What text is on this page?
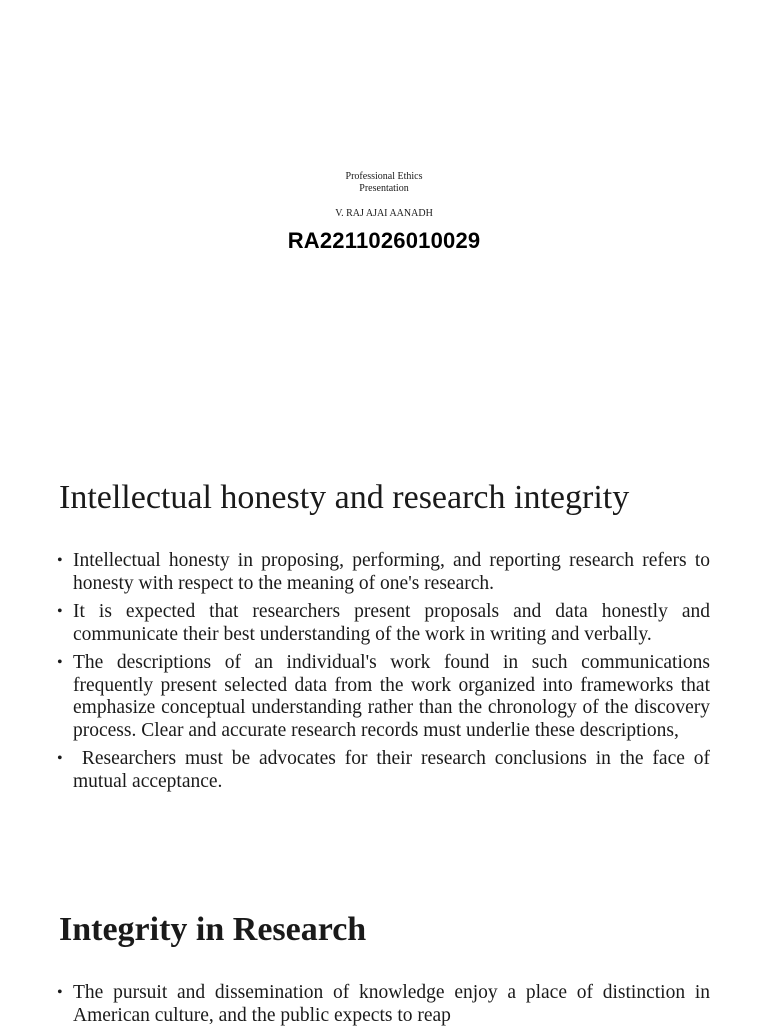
Professional Ethics

Presentation

V. RAJ AJAI AANADH
RA2211026010029
Intellectual honesty and research integrity
• Intellectual honesty in proposing, performing, and reporting research refers to honesty with respect to the meaning of one's research.
• It is expected that researchers present proposals and data honestly and communicate their best understanding of the work in writing and verbally.
• The descriptions of an individual's work found in such communications frequently present selected data from the work organized into frameworks that emphasize conceptual understanding rather than the chronology of the discovery process. Clear and accurate research records must underlie these descriptions,
• Researchers must be advocates for their research conclusions in the face of mutual acceptance.
Integrity in Research
• The pursuit and dissemination of knowledge enjoy a place of distinction in American culture, and the public expects to reap
